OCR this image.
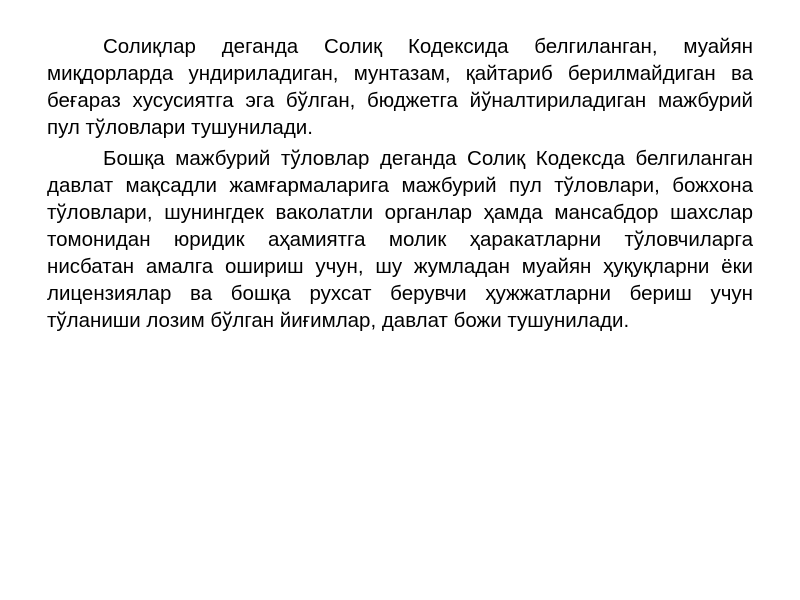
Солиқлар деганда Солиқ Кодексида белгиланган, муайян миқдорларда ундириладиган, мунтазам, қайтариб берилмайдиган ва беғараз хусусиятга эга бўлган, бюджетга йўналтириладиган мажбурий пул тўловлари тушунилади.

Бошқа мажбурий тўловлар деганда Солиқ Кодексда белгиланган давлат мақсадли жамғармаларига мажбурий пул тўловлари, божхона тўловлари, шунингдек ваколатли органлар ҳамда мансабдор шахслар томонидан юридик аҳамиятга молик ҳаракатларни тўловчиларга нисбатан амалга ошириш учун, шу жумладан муайян ҳуқуқларни ёки лицензиялар ва бошқа рухсат берувчи ҳужжатларни бериш учун тўланиши лозим бўлган йиғимлар, давлат божи тушунилади.
